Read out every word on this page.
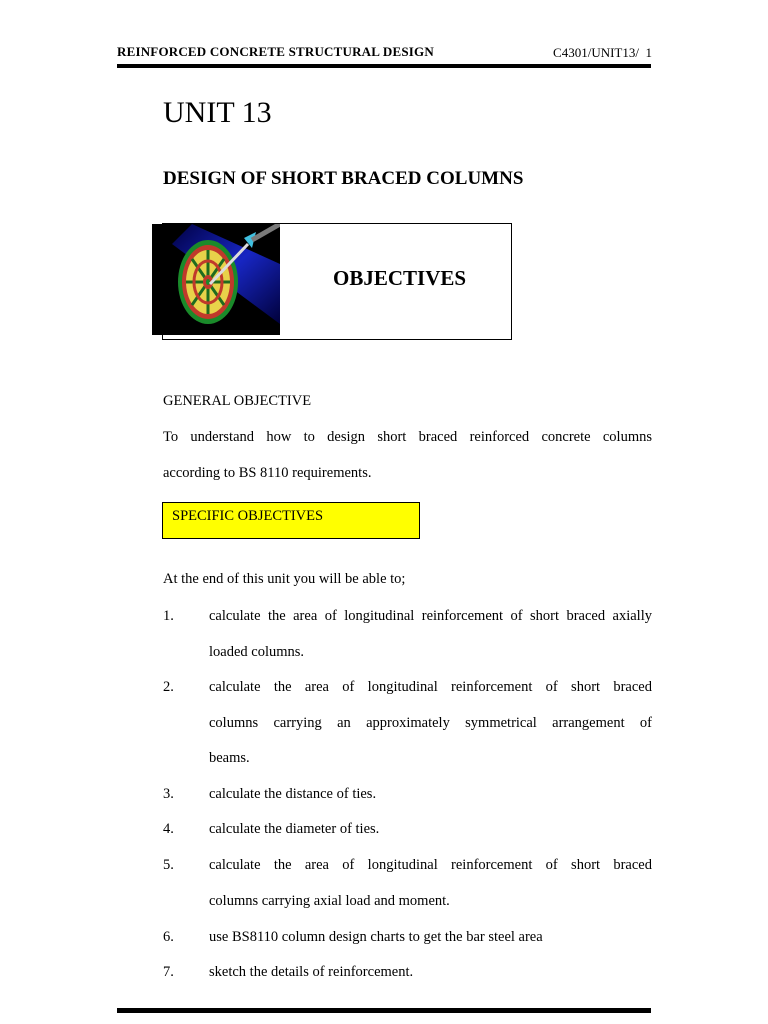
REINFORCED CONCRETE STRUCTURAL DESIGN	C4301/UNIT13/ 1
UNIT 13
DESIGN OF SHORT BRACED COLUMNS
OBJECTIVES
GENERAL OBJECTIVE
To understand how to design short braced reinforced concrete columns
according to BS 8110 requirements.
SPECIFIC OBJECTIVES
At the end of this unit you will be able to;
1. calculate the area of longitudinal reinforcement of short braced axially
loaded columns.
2. calculate the area of longitudinal reinforcement of short braced
columns carrying an approximately symmetrical arrangement of
beams.
3. calculate the distance of ties.
4. calculate the diameter of ties.
5. calculate the area of longitudinal reinforcement of short braced
columns carrying axial load and moment.
6. use BS8110 column design charts to get the bar steel area
7. sketch the details of reinforcement.
